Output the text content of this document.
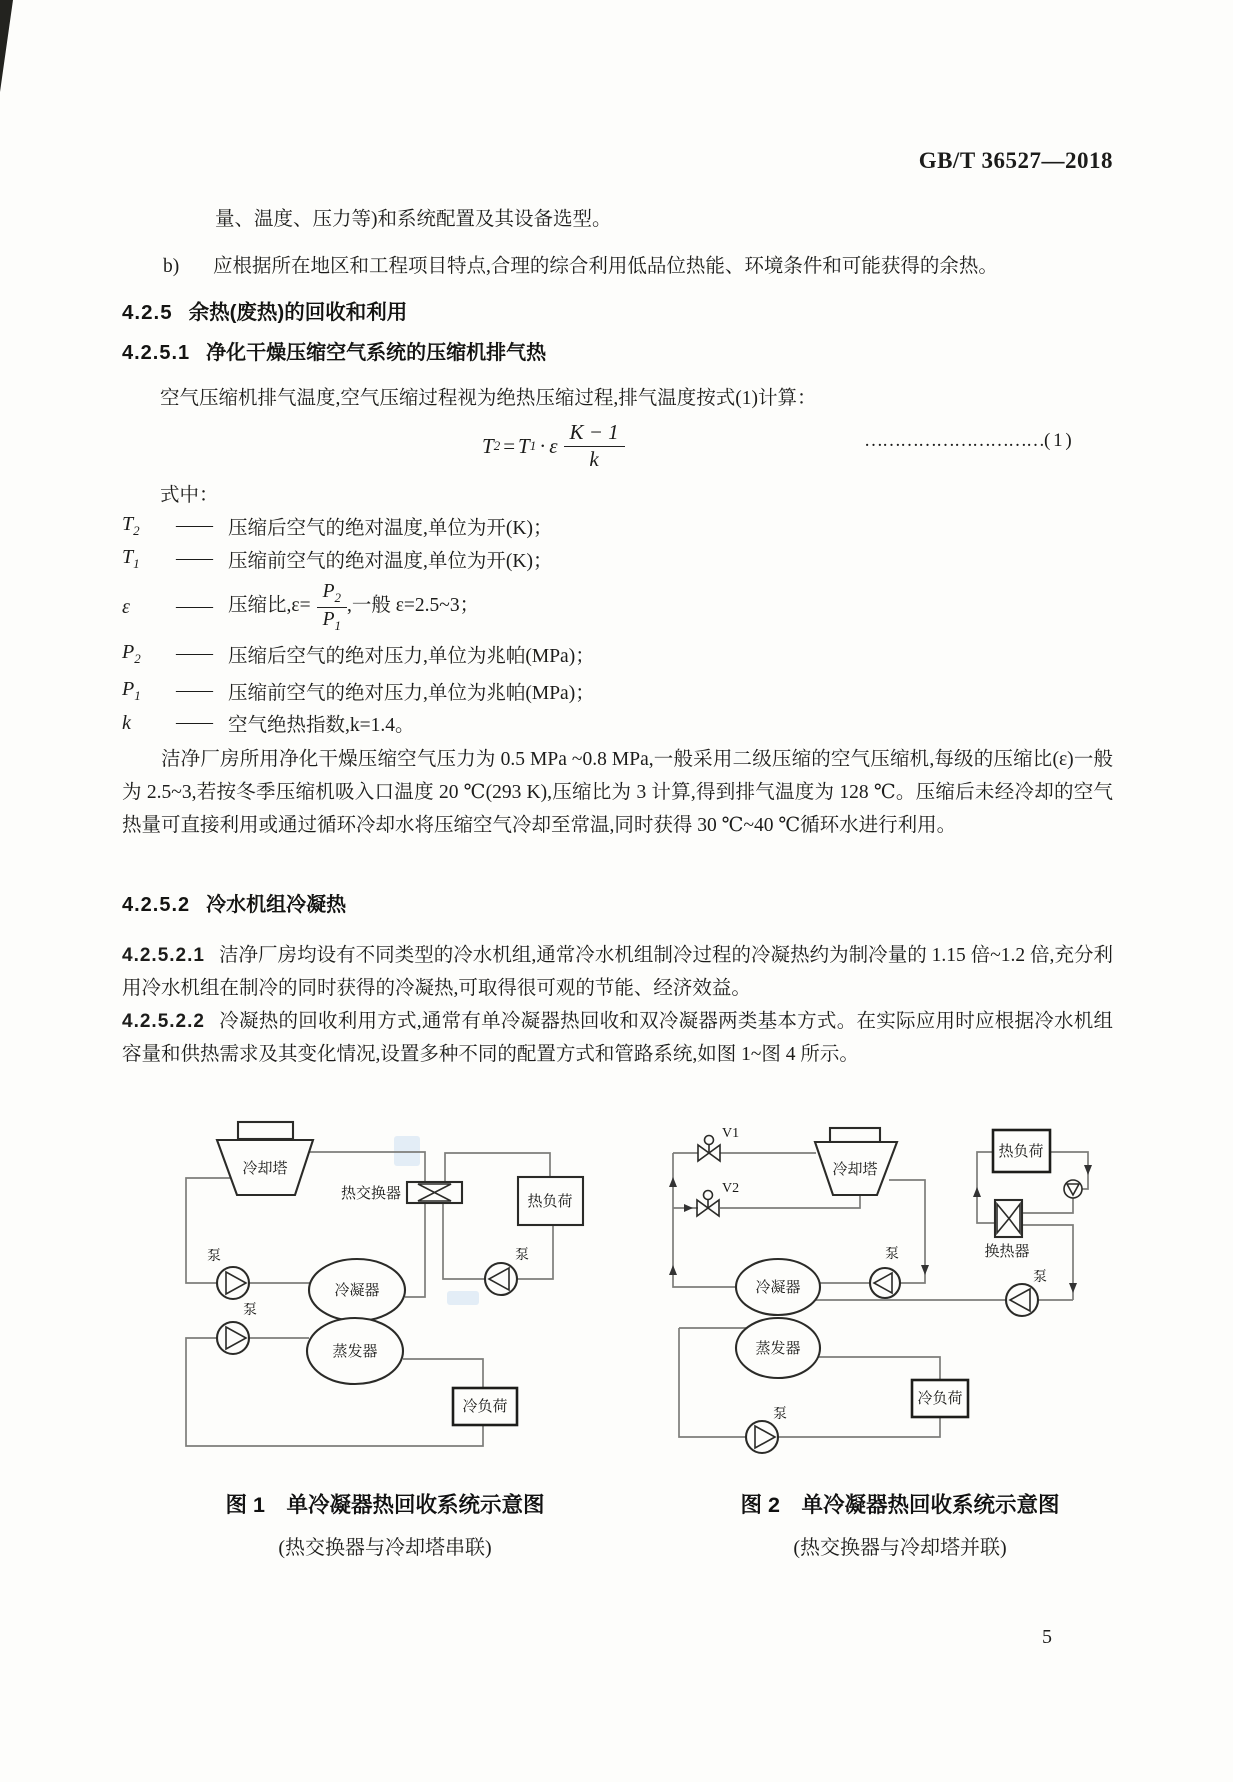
GB/T 36527—2018
量、温度、压力等)和系统配置及其设备选型。
b) 应根据所在地区和工程项目特点,合理的综合利用低品位热能、环境条件和可能获得的余热。
4.2.5 余热(废热)的回收和利用
4.2.5.1 净化干燥压缩空气系统的压缩机排气热
空气压缩机排气温度,空气压缩过程视为绝热压缩过程,排气温度按式(1)计算：
T 2 = T 1 · ε $\frac{K - 1}{k}$	…………………………( 1 )
式中：
$T_2$	—— 压缩后空气的绝对温度,单位为开(K)；
$T_1$	—— 压缩前空气的绝对温度,单位为开(K)；
ε	—— 压缩比$,\varepsilon= \frac{P_2}{P_1}$ ,一般 ε=2.5~3；
$P_2$	—— 压缩后空气的绝对压力,单位为兆帕(MPa)；
$P_1$	—— 压缩前空气的绝对压力,单位为兆帕(MPa)；
k	—— 空气绝热指数,k=1.4。
洁净厂房所用净化干燥压缩空气压力为 0.5 MPa ~0.8 MPa,一般采用二级压缩的空气压缩机,每级的压缩比(ε)一般为 2.5~3,若按冬季压缩机吸入口温度 20 ℃(293 K),压缩比为 3 计算,得到排气温度为 128 ℃。压缩后未经冷却的空气热量可直接利用或通过循环冷却水将压缩空气冷却至常温,同时获得 30 ℃~40 ℃循环水进行利用。
4.2.5.2 冷水机组冷凝热
4.2.5.2.1 洁净厂房均设有不同类型的冷水机组,通常冷水机组制冷过程的冷凝热约为制冷量的 1.15 倍~1.2 倍,充分利用冷水机组在制冷的同时获得的冷凝热,可取得很可观的节能、经济效益。
4.2.5.2.2 冷凝热的回收利用方式,通常有单冷凝器热回收和双冷凝器两类基本方式。在实际应用时应根据冷水机组容量和供热需求及其变化情况,设置多种不同的配置方式和管路系统,如图 1~图 4 所示。
冷却塔
热交换器	热负荷
冷凝器
蒸发器
冷负荷
泵
泵
泵
V1
V2
冷却塔
热负荷
换热器
冷凝器
蒸发器
冷负荷
泵
泵
泵
图 1　单冷凝器热回收系统示意图
(热交换器与冷却塔串联)
图 2　单冷凝器热回收系统示意图
(热交换器与冷却塔并联)
5
